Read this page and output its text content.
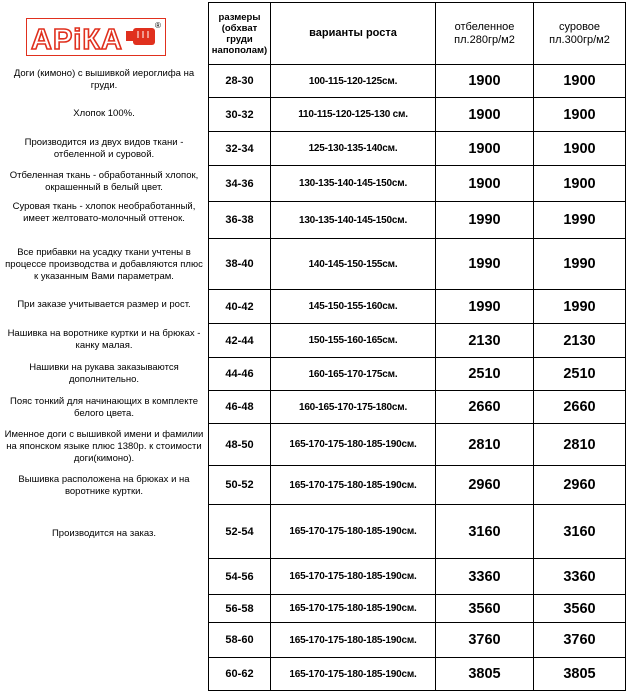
АРiКА	®
Доги (кимоно) с вышивкой иероглифа на груди.
Хлопок 100%.
Производится из двух видов ткани - отбеленной и суровой.
Отбеленная ткань - обработанный хлопок, окрашенный в белый цвет.
Суровая ткань - хлопок необработанный, имеет желтовато-молочный оттенок.
Все прибавки на усадку ткани учтены в процессе производства и добавляются плюс к указанным Вами параметрам.
При заказе учитывается размер и рост.
Нашивка на воротнике куртки и на брюках - канку малая.
Нашивки на рукава заказываются дополнительно.
Пояс тонкий для начинающих в комплекте белого цвета.
Именное доги с вышивкой имени и фамилии на японском языке плюс 1380р. к стоимости доги(кимоно).
Вышивка расположена на брюках и на воротнике куртки.
Производится на заказ.
размеры (обхват груди напополам)	варианты роста	отбеленное пл.280гр/м2	суровое пл.300гр/м2
28-30	100-115-120-125см.	1900	1900
30-32	110-115-120-125-130 см.	1900	1900
32-34	125-130-135-140см.	1900	1900
34-36	130-135-140-145-150см.	1900	1900
36-38	130-135-140-145-150см.	1990	1990
38-40	140-145-150-155см.	1990	1990
40-42	145-150-155-160см.	1990	1990
42-44	150-155-160-165см.	2130	2130
44-46	160-165-170-175см.	2510	2510
46-48	160-165-170-175-180см.	2660	2660
48-50	165-170-175-180-185-190см.	2810	2810
50-52	165-170-175-180-185-190см.	2960	2960
52-54	165-170-175-180-185-190см.	3160	3160
54-56	165-170-175-180-185-190см.	3360	3360
56-58	165-170-175-180-185-190см.	3560	3560
58-60	165-170-175-180-185-190см.	3760	3760
60-62	165-170-175-180-185-190см.	3805	3805
